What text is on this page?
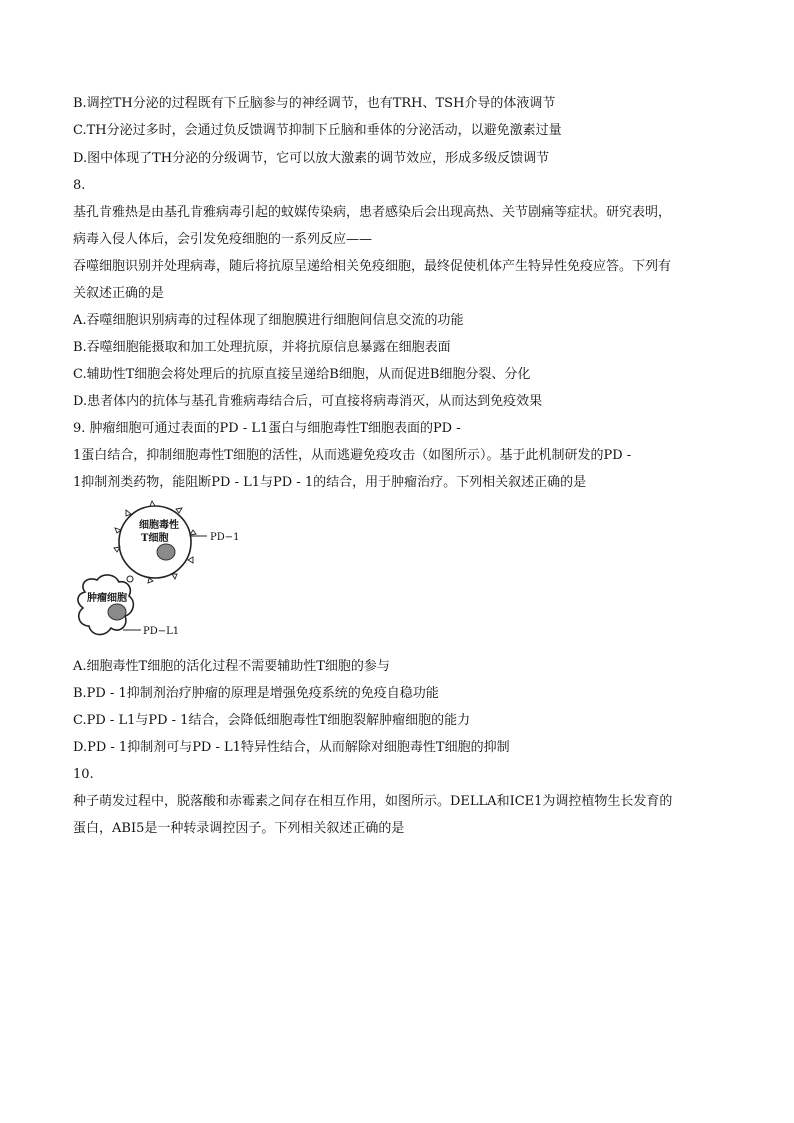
B.调控TH分泌的过程既有下丘脑参与的神经调节，也有TRH、TSH介导的体液调节
C.TH分泌过多时，会通过负反馈调节抑制下丘脑和垂体的分泌活动，以避免激素过量
D.图中体现了TH分泌的分级调节，它可以放大激素的调节效应，形成多级反馈调节
8.
基孔肯雅热是由基孔肯雅病毒引起的蚊媒传染病，患者感染后会出现高热、关节剧痛等症状。研究表明，
病毒入侵人体后，会引发免疫细胞的一系列反应——
吞噬细胞识别并处理病毒，随后将抗原呈递给相关免疫细胞，最终促使机体产生特异性免疫应答。下列有
关叙述正确的是
A.吞噬细胞识别病毒的过程体现了细胞膜进行细胞间信息交流的功能
B.吞噬细胞能摄取和加工处理抗原，并将抗原信息暴露在细胞表面
C.辅助性T细胞会将处理后的抗原直接呈递给B细胞，从而促进B细胞分裂、分化
D.患者体内的抗体与基孔肯雅病毒结合后，可直接将病毒消灭，从而达到免疫效果
9. 肿瘤细胞可通过表面的PD - L1蛋白与细胞毒性T细胞表面的PD -
1蛋白结合，抑制细胞毒性T细胞的活性，从而逃避免疫攻击（如图所示）。基于此机制研发的PD -
1抑制剂类药物，能阻断PD - L1与PD - 1的结合，用于肿瘤治疗。下列相关叙述正确的是
细胞毒性
T细胞	PD−1
肿瘤细胞
PD−L1
A.细胞毒性T细胞的活化过程不需要辅助性T细胞的参与
B.PD - 1抑制剂治疗肿瘤的原理是增强免疫系统的免疫自稳功能
C.PD - L1与PD - 1结合，会降低细胞毒性T细胞裂解肿瘤细胞的能力
D.PD - 1抑制剂可与PD - L1特异性结合，从而解除对细胞毒性T细胞的抑制
10.
种子萌发过程中，脱落酸和赤霉素之间存在相互作用，如图所示。DELLA和ICE1为调控植物生长发育的
蛋白，ABI5是一种转录调控因子。下列相关叙述正确的是
